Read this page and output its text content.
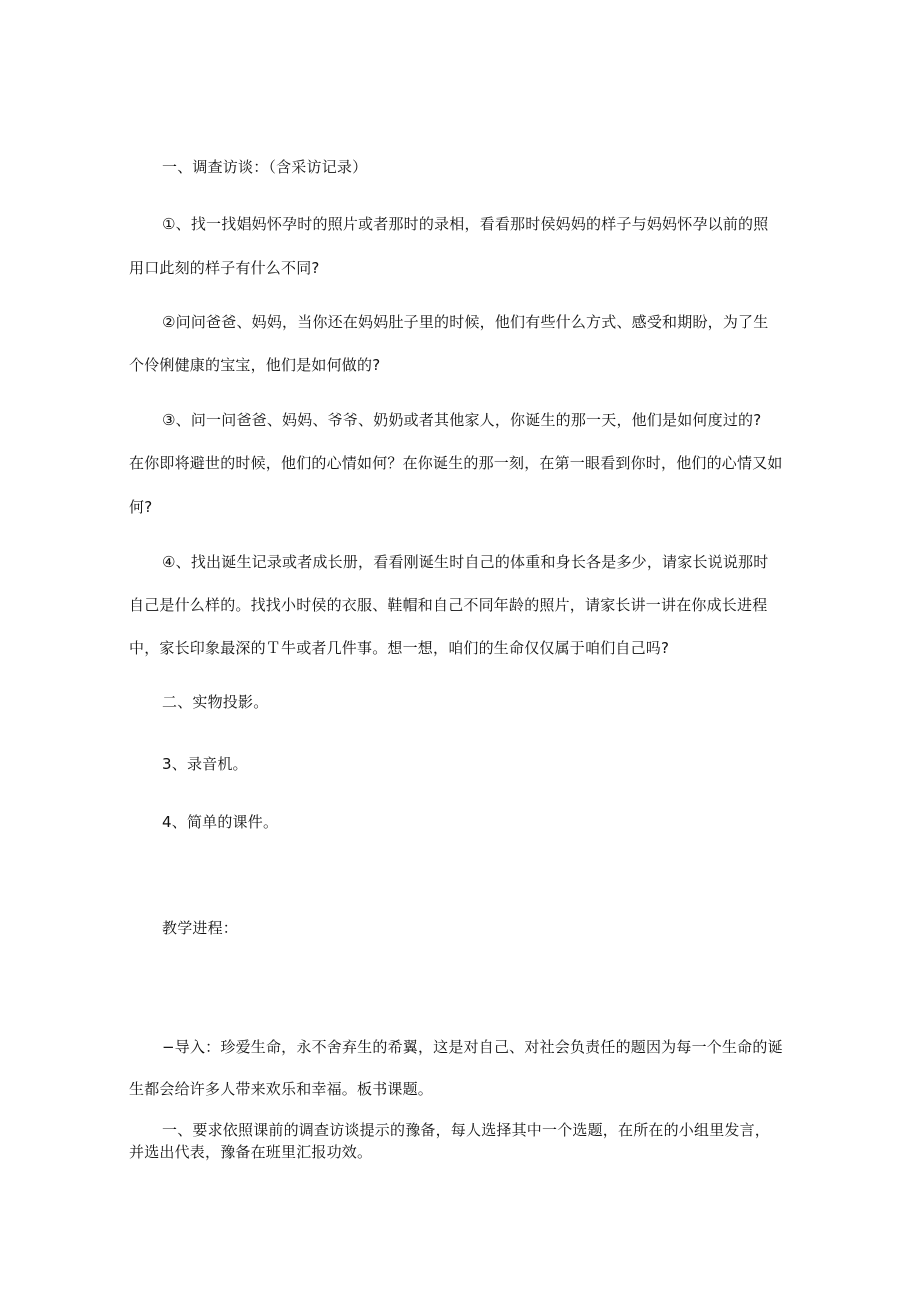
一、调查访谈：（含采访记录）
①、找一找娼妈怀孕时的照片或者那时的录相，看看那时侯妈妈的样子与妈妈怀孕以前的照
用口此刻的样子有什么不同?
②问问爸爸、妈妈，当你还在妈妈肚子里的时候，他们有些什么方式、感受和期盼，为了生
个伶俐健康的宝宝，他们是如何做的?
③、问一问爸爸、妈妈、爷爷、奶奶或者其他家人，你诞生的那一天，他们是如何度过的?
在你即将避世的时候，他们的心情如何？在你诞生的那一刻，在第一眼看到你时，他们的心情又如
何?
④、找出诞生记录或者成长册，看看刚诞生时自己的体重和身长各是多少，请家长说说那时
自己是什么样的。找找小时侯的衣服、鞋帽和自己不同年龄的照片，请家长讲一讲在你成长进程
中，家长印象最深的Ｔ牛或者几件事。想一想，咱们的生命仅仅属于咱们自己吗?
二、实物投影。
3、录音机。
4、简单的课件。
教学进程：
−导入：珍爱生命，永不舍弃生的希翼，这是对自己、对社会负责任的题因为每一个生命的诞
生都会给许多人带来欢乐和幸福。板书课题。
一、要求依照课前的调查访谈提示的豫备，每人选择其中一个选题，在所在的小组里发言，
并选出代表，豫备在班里汇报功效。
